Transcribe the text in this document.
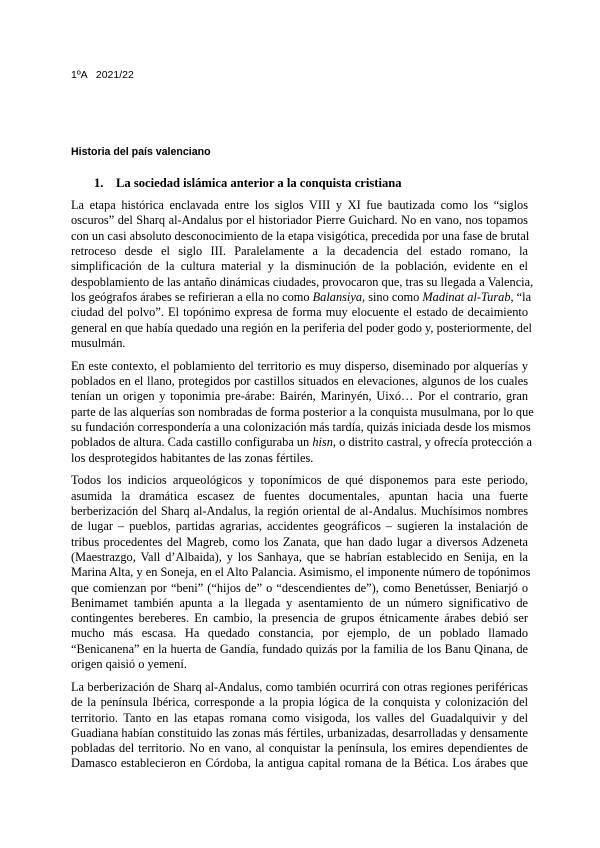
1ºA 2021/22
Historia del país valenciano
1. La sociedad islámica anterior a la conquista cristiana

La etapa histórica enclavada entre los siglos VIII y XI fue bautizada como los “siglos
oscuros” del Sharq al-Andalus por el historiador Pierre Guichard. No en vano, nos topamos
con un casi absoluto desconocimiento de la etapa visigótica, precedida por una fase de brutal
retroceso desde el siglo III. Paralelamente a la decadencia del estado romano, la
simplificación de la cultura material y la disminución de la población, evidente en el
despoblamiento de las antaño dinámicas ciudades, provocaron que, tras su llegada a Valencia,
los geógrafos árabes se refirieran a ella no como Balansiya, sino como Madinat al-Turab, “la
ciudad del polvo”. El topónimo expresa de forma muy elocuente el estado de decaimiento
general en que había quedado una región en la periferia del poder godo y, posteriormente, del
musulmán.

En este contexto, el poblamiento del territorio es muy disperso, diseminado por alquerías y
poblados en el llano, protegidos por castillos situados en elevaciones, algunos de los cuales
tenían un origen y toponimia pre-árabe: Bairén, Marinyén, Uixó… Por el contrario, gran
parte de las alquerías son nombradas de forma posterior a la conquista musulmana, por lo que
su fundación correspondería a una colonización más tardía, quizás iniciada desde los mismos
poblados de altura. Cada castillo configuraba un hisn, o distrito castral, y ofrecía protección a
los desprotegidos habitantes de las zonas fértiles.

Todos los indicios arqueológicos y toponímicos de qué disponemos para este periodo,
asumida la dramática escasez de fuentes documentales, apuntan hacia una fuerte
berberización del Sharq al-Andalus, la región oriental de al-Andalus. Muchísimos nombres
de lugar – pueblos, partidas agrarias, accidentes geográficos – sugieren la instalación de
tribus procedentes del Magreb, como los Zanata, que han dado lugar a diversos Adzeneta
(Maestrazgo, Vall d’Albaida), y los Sanhaya, que se habrían establecido en Senija, en la
Marina Alta, y en Soneja, en el Alto Palancia. Asimismo, el imponente número de topónimos
que comienzan por “beni” (“hijos de” o “descendientes de”), como Benetússer, Beniarjó o
Benimamet también apunta a la llegada y asentamiento de un número significativo de
contingentes bereberes. En cambio, la presencia de grupos étnicamente árabes debió ser
mucho más escasa. Ha quedado constancia, por ejemplo, de un poblado llamado
“Benicanena” en la huerta de Gandía, fundado quizás por la familia de los Banu Qinana, de
origen qaisió o yemení.

La berberización de Sharq al-Andalus, como también ocurrirá con otras regiones periféricas
de la península Ibérica, corresponde a la propia lógica de la conquista y colonización del
territorio. Tanto en las etapas romana como visigoda, los valles del Guadalquivir y del
Guadiana habían constituido las zonas más fértiles, urbanizadas, desarrolladas y densamente
pobladas del territorio. No en vano, al conquistar la península, los emires dependientes de
Damasco establecieron en Córdoba, la antigua capital romana de la Bética. Los árabes que
